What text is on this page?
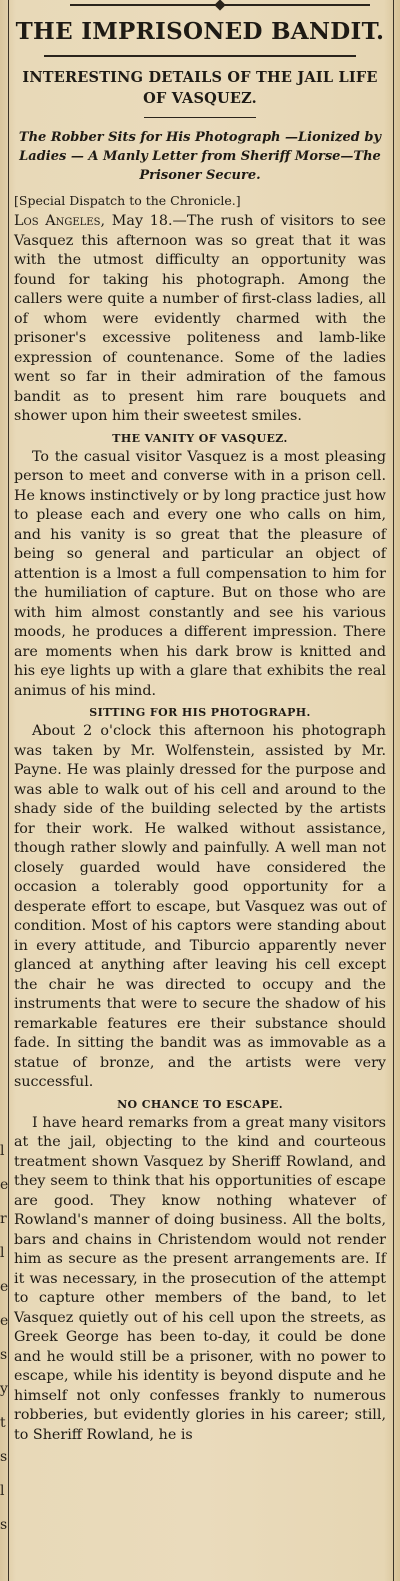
l
e
r
l
e
e
s
y
t
s
l
s
THE IMPRISONED BANDIT.
INTERESTING DETAILS OF THE JAIL LIFE OF VASQUEZ.
The Robber Sits for His Photograph —Lionized by Ladies — A Manly Letter from Sheriff Morse—The Prisoner Secure.
[Special Dispatch to the Chronicle.]

Los Angeles, May 18.—The rush of visitors to see Vasquez this afternoon was so great that it was with the utmost difficulty an opportunity was found for taking his photograph. Among the callers were quite a number of first-class ladies, all of whom were evidently charmed with the prisoner's excessive politeness and lamb-like expression of countenance. Some of the ladies went so far in their admiration of the famous bandit as to present him rare bouquets and shower upon him their sweetest smiles.

THE VANITY OF VASQUEZ.

To the casual visitor Vasquez is a most pleasing person to meet and converse with in a prison cell. He knows instinctively or by long practice just how to please each and every one who calls on him, and his vanity is so great that the pleasure of being so general and particular an object of attention is a lmost a full compensation to him for the humiliation of capture. But on those who are with him almost constantly and see his various moods, he produces a different impression. There are moments when his dark brow is knitted and his eye lights up with a glare that exhibits the real animus of his mind.

SITTING FOR HIS PHOTOGRAPH.

About 2 o'clock this afternoon his photograph was taken by Mr. Wolfenstein, assisted by Mr. Payne. He was plainly dressed for the purpose and was able to walk out of his cell and around to the shady side of the building selected by the artists for their work. He walked without assistance, though rather slowly and painfully. A well man not closely guarded would have considered the occasion a tolerably good opportunity for a desperate effort to escape, but Vasquez was out of condition. Most of his captors were standing about in every attitude, and Tiburcio apparently never glanced at anything after leaving his cell except the chair he was directed to occupy and the instruments that were to secure the shadow of his remarkable features ere their substance should fade. In sitting the bandit was as immovable as a statue of bronze, and the artists were very successful.

NO CHANCE TO ESCAPE.

I have heard remarks from a great many visitors at the jail, objecting to the kind and courteous treatment shown Vasquez by Sheriff Rowland, and they seem to think that his opportunities of escape are good. They know nothing whatever of Rowland's manner of doing business. All the bolts, bars and chains in Christendom would not render him as secure as the present arrangements are. If it was necessary, in the prosecution of the attempt to capture other members of the band, to let Vasquez quietly out of his cell upon the streets, as Greek George has been to-day, it could be done and he would still be a prisoner, with no power to escape, while his identity is beyond dispute and he himself not only confesses frankly to numerous robberies, but evidently glories in his career; still, to Sheriff Rowland, he is
